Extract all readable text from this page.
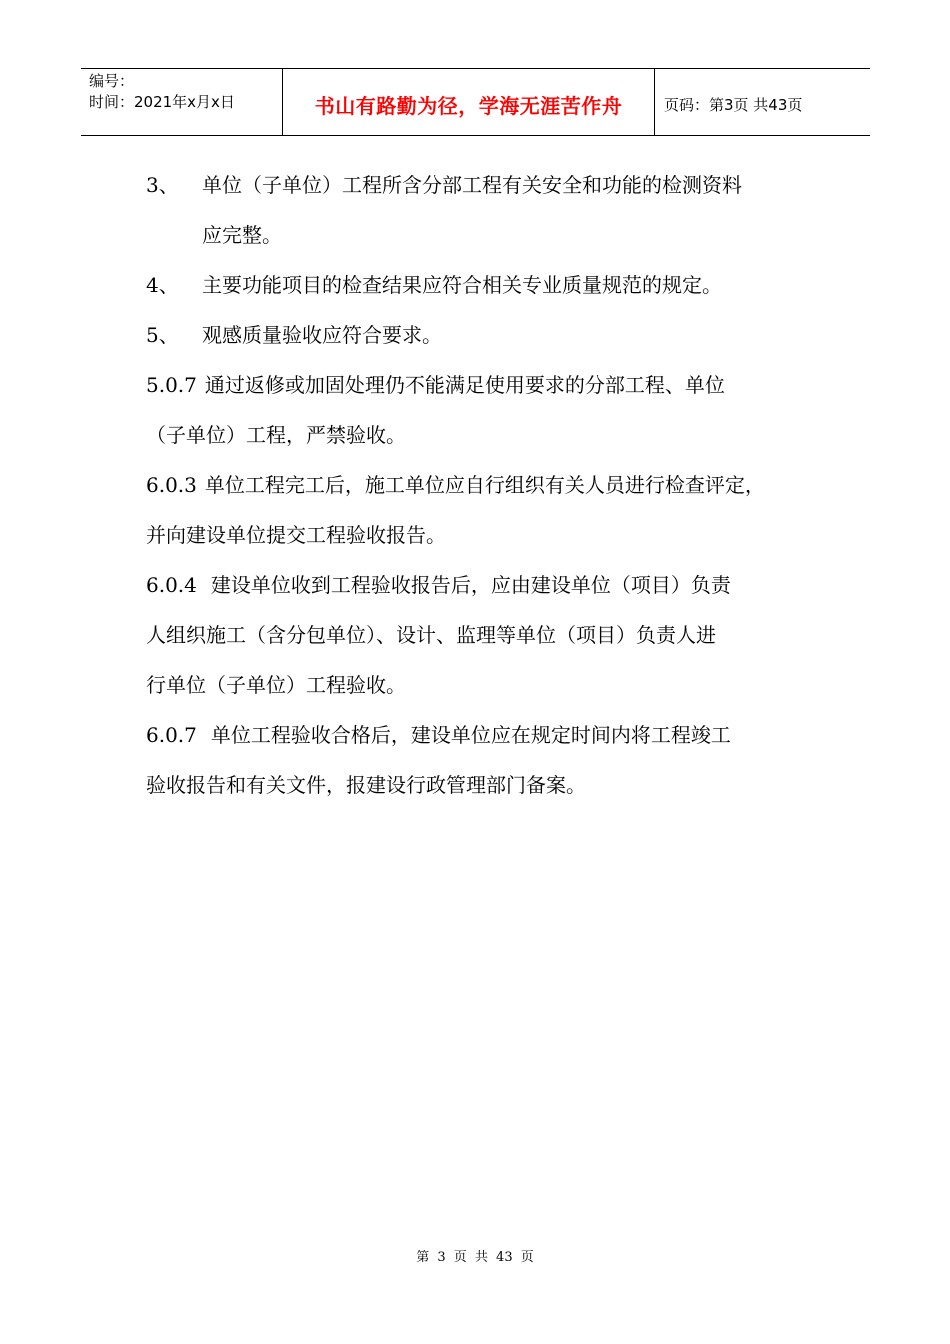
编号：
时间：2021年x月x日	书山有路勤为径，学海无涯苦作舟	页码：第3页 共43页
3、 单位（子单位）工程所含分部工程有关安全和功能的检测资料
应完整。
4、 主要功能项目的检查结果应符合相关专业质量规范的规定。
5、 观感质量验收应符合要求。
5.0.7 通过返修或加固处理仍不能满足使用要求的分部工程、单位
（子单位）工程，严禁验收。
6.0.3 单位工程完工后，施工单位应自行组织有关人员进行检查评定，
并向建设单位提交工程验收报告。
6.0.4 建设单位收到工程验收报告后，应由建设单位（项目）负责
人组织施工（含分包单位）、设计、监理等单位（项目）负责人进
行单位（子单位）工程验收。
6.0.7 单位工程验收合格后，建设单位应在规定时间内将工程竣工
验收报告和有关文件，报建设行政管理部门备案。
第 3 页 共 43 页
